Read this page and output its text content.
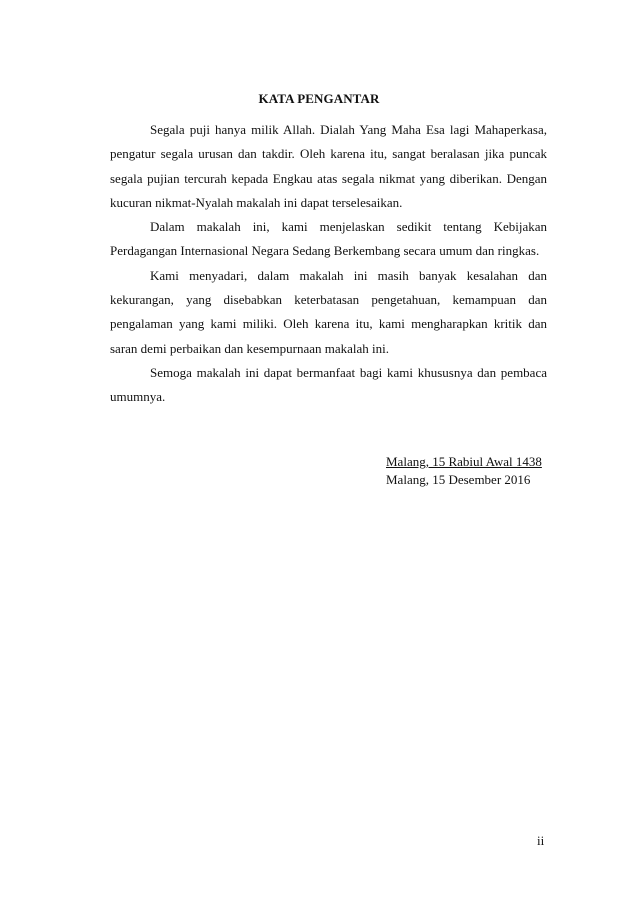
KATA PENGANTAR

Segala puji hanya milik Allah. Dialah Yang Maha Esa lagi Mahaperkasa, pengatur segala urusan dan takdir. Oleh karena itu, sangat beralasan jika puncak segala pujian tercurah kepada Engkau atas segala nikmat yang diberikan. Dengan kucuran nikmat-Nyalah makalah ini dapat terselesaikan.

Dalam makalah ini, kami menjelaskan sedikit tentang Kebijakan Perdagangan Internasional Negara Sedang Berkembang secara umum dan ringkas.

Kami menyadari, dalam makalah ini masih banyak kesalahan dan kekurangan, yang disebabkan keterbatasan pengetahuan, kemampuan dan pengalaman yang kami miliki. Oleh karena itu, kami mengharapkan kritik dan saran demi perbaikan dan kesempurnaan makalah ini.

Semoga makalah ini dapat bermanfaat bagi kami khususnya dan pembaca umumnya.

Malang, 15 Rabiul Awal 1438
Malang, 15 Desember 2016
ii
